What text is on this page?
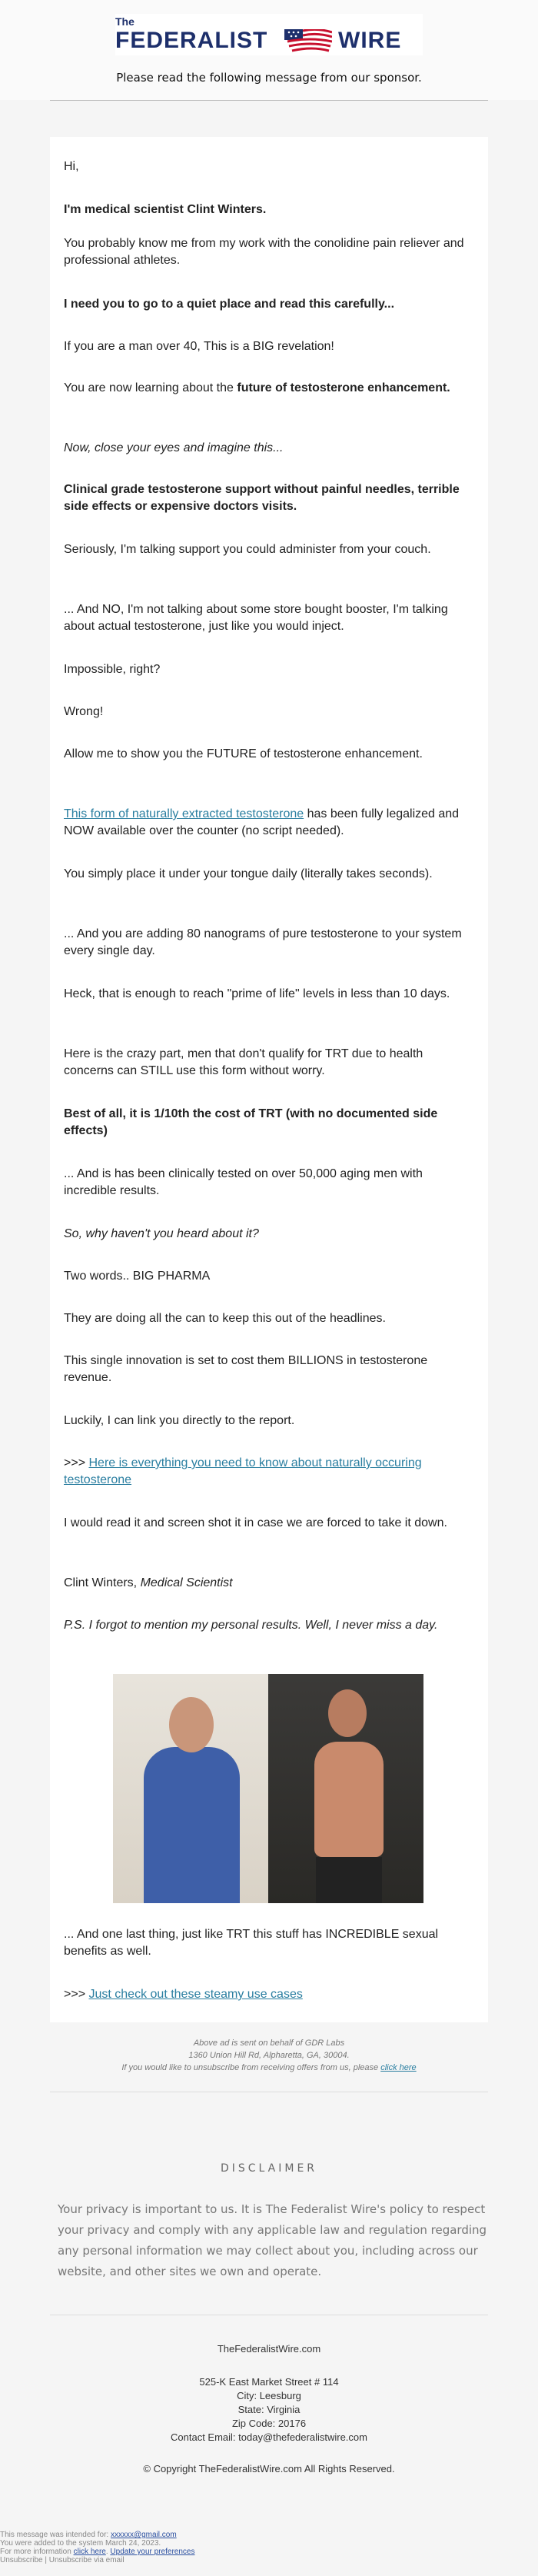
The
FEDERALIST	WIRE
Please read the following message from our sponsor.

Hi,

I'm medical scientist Clint Winters.

You probably know me from my work with the conolidine pain reliever and professional athletes.

I need you to go to a quiet place and read this carefully...

If you are a man over 40, This is a BIG revelation!

You are now learning about the future of testosterone enhancement.

Now, close your eyes and imagine this...

Clinical grade testosterone support without painful needles, terrible side effects or expensive doctors visits.

Seriously, I'm talking support you could administer from your couch.

... And NO, I'm not talking about some store bought booster, I'm talking about actual testosterone, just like you would inject.

Impossible, right?

Wrong!

Allow me to show you the FUTURE of testosterone enhancement.

This form of naturally extracted testosterone has been fully legalized and NOW available over the counter (no script needed).

You simply place it under your tongue daily (literally takes seconds).

... And you are adding 80 nanograms of pure testosterone to your system every single day.

Heck, that is enough to reach "prime of life" levels in less than 10 days.

Here is the crazy part, men that don't qualify for TRT due to health concerns can STILL use this form without worry.

Best of all, it is 1/10th the cost of TRT (with no documented side effects)

... And is has been clinically tested on over 50,000 aging men with incredible results.

So, why haven't you heard about it?

Two words.. BIG PHARMA

They are doing all the can to keep this out of the headlines.

This single innovation is set to cost them BILLIONS in testosterone revenue.

Luckily, I can link you directly to the report.

>>> Here is everything you need to know about naturally occuring testosterone

I would read it and screen shot it in case we are forced to take it down.

Clint Winters, Medical Scientist

P.S. I forgot to mention my personal results. Well, I never miss a day.

... And one last thing, just like TRT this stuff has INCREDIBLE sexual benefits as well.

>>> Just check out these steamy use cases

Above ad is sent on behalf of GDR Labs
1360 Union Hill Rd, Alpharetta, GA, 30004.
If you would like to unsubscribe from receiving offers from us, please click here
DISCLAIMER
Your privacy is important to us. It is The Federalist Wire's policy to respect your privacy and comply with any applicable law and regulation regarding any personal information we may collect about you, including across our website, and other sites we own and operate.
TheFederalistWire.com
525-K East Market Street # 114
City: Leesburg
State: Virginia
Zip Code: 20176
Contact Email: today@thefederalistwire.com
© Copyright TheFederalistWire.com All Rights Reserved.
This message was intended for: xxxxxx@gmail.com
You were added to the system March 24, 2023.
For more information click here. Update your preferences
Unsubscribe | Unsubscribe via email
